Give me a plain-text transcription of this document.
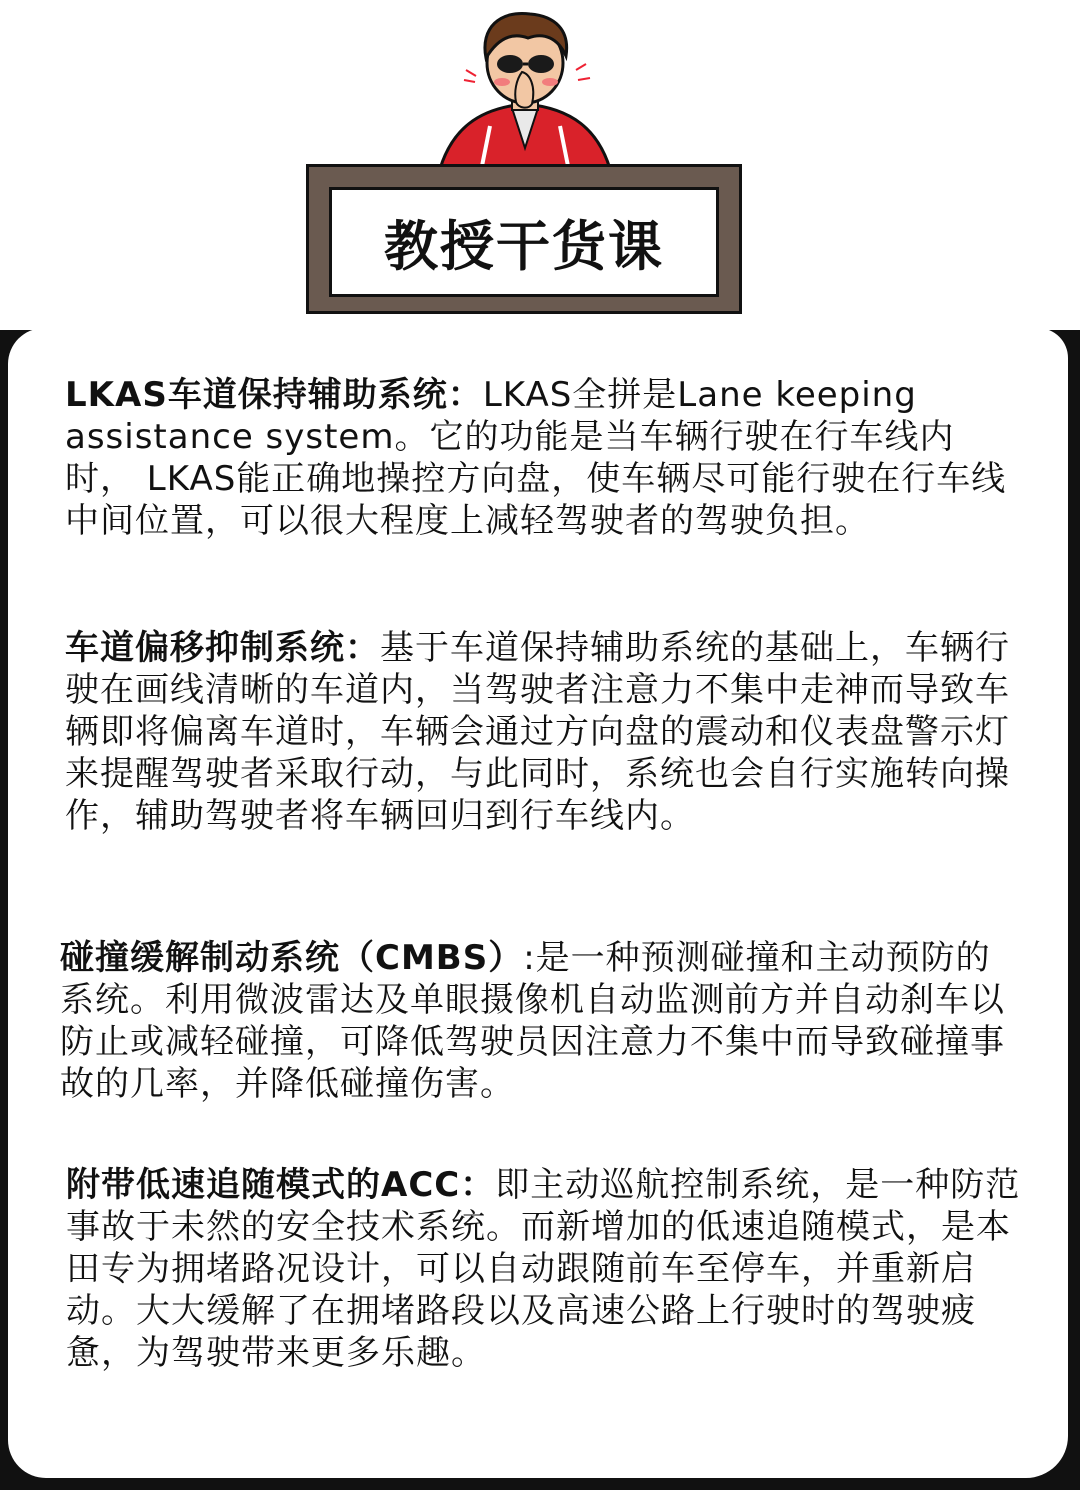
教授干货课
LKAS车道保持辅助系统：LKAS全拼是Lane keeping assistance system。它的功能是当车辆行驶在行车线内时， LKAS能正确地操控方向盘，使车辆尽可能行驶在行车线中间位置，可以很大程度上减轻驾驶者的驾驶负担。
车道偏移抑制系统：基于车道保持辅助系统的基础上，车辆行驶在画线清晰的车道内，当驾驶者注意力不集中走神而导致车辆即将偏离车道时，车辆会通过方向盘的震动和仪表盘警示灯来提醒驾驶者采取行动，与此同时，系统也会自行实施转向操作，辅助驾驶者将车辆回归到行车线内。
碰撞缓解制动系统（CMBS）:是一种预测碰撞和主动预防的系统。利用微波雷达及单眼摄像机自动监测前方并自动刹车以防止或减轻碰撞，可降低驾驶员因注意力不集中而导致碰撞事故的几率，并降低碰撞伤害。
附带低速追随模式的ACC：即主动巡航控制系统，是一种防范事故于未然的安全技术系统。而新增加的低速追随模式，是本田专为拥堵路况设计，可以自动跟随前车至停车，并重新启动。大大缓解了在拥堵路段以及高速公路上行驶时的驾驶疲惫，为驾驶带来更多乐趣。
